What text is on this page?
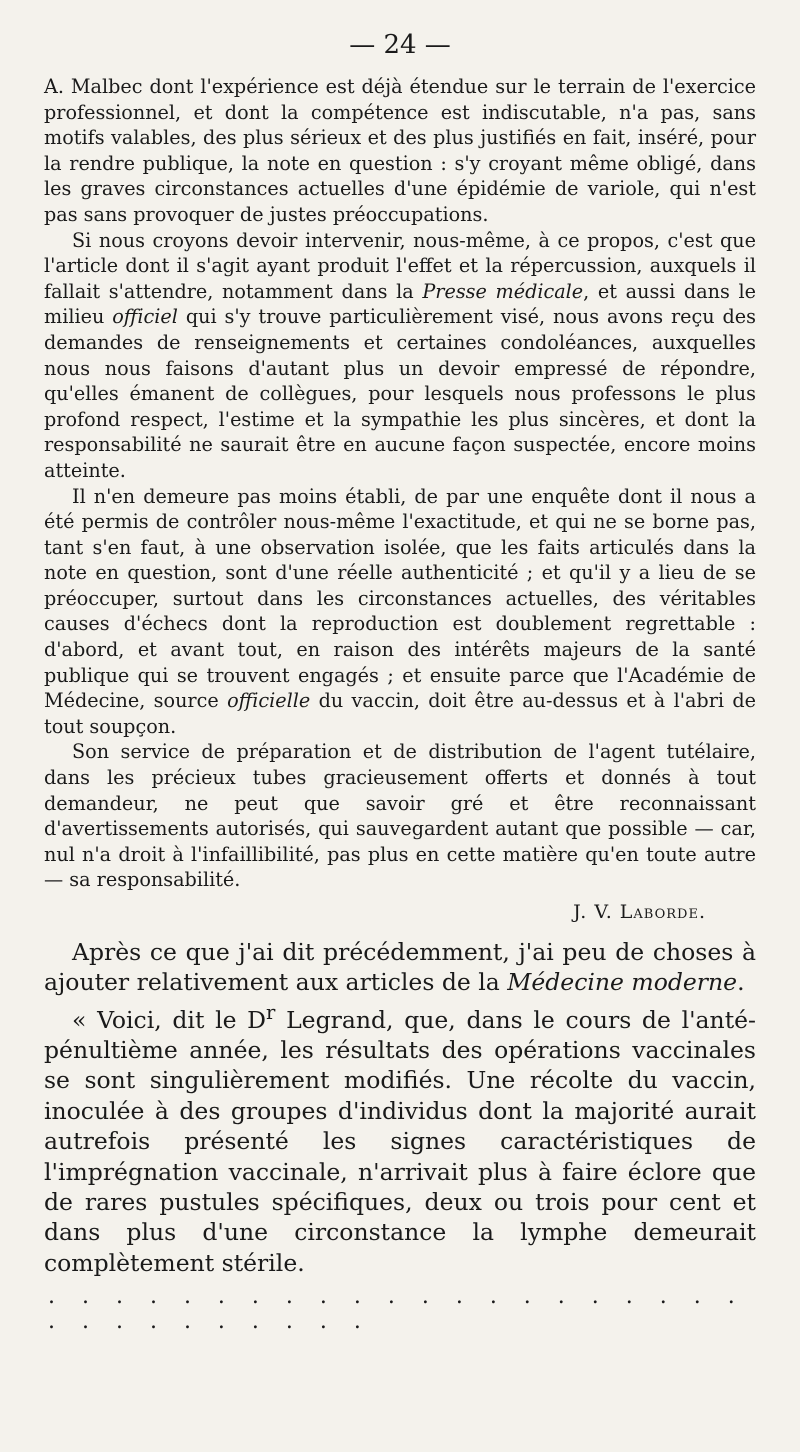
— 24 —

A. Malbec dont l'expérience est déjà étendue sur le terrain de l'exercice professionnel, et dont la compétence est indiscutable, n'a pas, sans motifs valables, des plus sérieux et des plus justifiés en fait, inséré, pour la rendre publique, la note en question : s'y croyant même obligé, dans les graves circonstances actuelles d'une épidémie de variole, qui n'est pas sans provoquer de justes préoccupations.

Si nous croyons devoir intervenir, nous-même, à ce propos, c'est que l'article dont il s'agit ayant produit l'effet et la répercussion, auxquels il fallait s'attendre, notamment dans la Presse médicale, et aussi dans le milieu officiel qui s'y trouve particulièrement visé, nous avons reçu des demandes de renseignements et certaines condoléances, auxquelles nous nous faisons d'autant plus un devoir empressé de répondre, qu'elles émanent de collègues, pour lesquels nous professons le plus profond respect, l'estime et la sympathie les plus sincères, et dont la responsabilité ne saurait être en aucune façon suspectée, encore moins atteinte.

Il n'en demeure pas moins établi, de par une enquête dont il nous a été permis de contrôler nous-même l'exactitude, et qui ne se borne pas, tant s'en faut, à une observation isolée, que les faits articulés dans la note en question, sont d'une réelle authenticité ; et qu'il y a lieu de se préoccuper, surtout dans les circonstances actuelles, des véritables causes d'échecs dont la reproduction est doublement regrettable : d'abord, et avant tout, en raison des intérêts majeurs de la santé publique qui se trouvent engagés ; et ensuite parce que l'Académie de Médecine, source officielle du vaccin, doit être au-dessus et à l'abri de tout soupçon.

Son service de préparation et de distribution de l'agent tutélaire, dans les précieux tubes gracieusement offerts et donnés à tout demandeur, ne peut que savoir gré et être reconnaissant d'avertissements autorisés, qui sauvegardent autant que possible — car, nul n'a droit à l'infaillibilité, pas plus en cette matière qu'en toute autre — sa responsabilité.

J. V. Laborde.

Après ce que j'ai dit précédemment, j'ai peu de choses à ajouter relativement aux articles de la Médecine moderne.

« Voici, dit le $D^r$ Legrand, que, dans le cours de l'anté-pénultième année, les résultats des opérations vaccinales se sont singulièrement modifiés. Une récolte du vaccin, inoculée à des groupes d'individus dont la majorité aurait autrefois présenté les signes caractéristiques de l'imprégnation vaccinale, n'arrivait plus à faire éclore que de rares pustules spécifiques, deux ou trois pour cent et dans plus d'une circonstance la lymphe demeurait complètement stérile.

. . . . . . . . . . . . . . . . . . . . . . . . . . . . . . .
